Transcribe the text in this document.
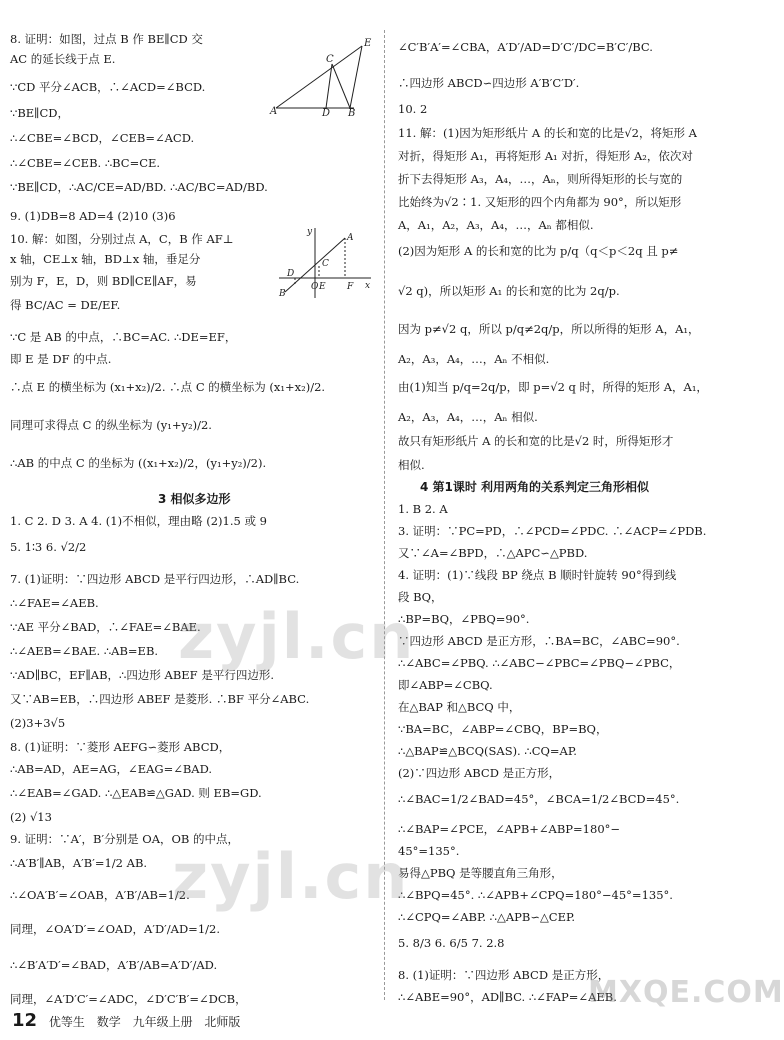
8. 证明：如图，过点 B 作 BE∥CD 交
AC 的延长线于点 E.
∵CD 平分∠ACB，∴∠ACD=∠BCD.
∵BE∥CD，
∴∠CBE=∠BCD，∠CEB=∠ACD.
∴∠CBE=∠CEB. ∴BC=CE.
∵BE∥CD，∴AC/CE=AD/BD. ∴AC/BC=AD/BD.
9. (1)DB=8 AD=4 (2)10 (3)6
10. 解：如图，分别过点 A，C，B 作 AF⊥
x 轴，CE⊥x 轴，BD⊥x 轴，垂足分
别为 F，E，D，则 BD∥CE∥AF，易
得 BC/AC = DE/EF.
∵C 是 AB 的中点，∴BC=AC. ∴DE=EF，
即 E 是 DF 的中点.
∴点 E 的横坐标为 (x₁+x₂)/2. ∴点 C 的横坐标为 (x₁+x₂)/2.
同理可求得点 C 的纵坐标为 (y₁+y₂)/2.
∴AB 的中点 C 的坐标为 ((x₁+x₂)/2，(y₁+y₂)/2).
3 相似多边形
1. C 2. D 3. A 4. (1)不相似，理由略 (2)1.5 或 9
5. 1∶3 6. √2/2
7. (1)证明：∵四边形 ABCD 是平行四边形，∴AD∥BC.
∴∠FAE=∠AEB.
∵AE 平分∠BAD，∴∠FAE=∠BAE.
∴∠AEB=∠BAE. ∴AB=EB.
∵AD∥BC，EF∥AB，∴四边形 ABEF 是平行四边形.
又∵AB=EB，∴四边形 ABEF 是菱形. ∴BF 平分∠ABC.
(2)3+3√5
8. (1)证明：∵菱形 AEFG∽菱形 ABCD，
∴AB=AD，AE=AG，∠EAG=∠BAD.
∴∠EAB=∠GAD. ∴△EAB≌△GAD. 则 EB=GD.
(2) √13
9. 证明：∵A′，B′分别是 OA，OB 的中点，
∴A′B′∥AB，A′B′=1/2 AB.
∴∠OA′B′=∠OAB，A′B′/AB=1/2.
同理，∠OA′D′=∠OAD，A′D′/AD=1/2.
∴∠B′A′D′=∠BAD，A′B′/AB=A′D′/AD.
同理，∠A′D′C′=∠ADC，∠D′C′B′=∠DCB，
∠C′B′A′=∠CBA，A′D′/AD=D′C′/DC=B′C′/BC.
∴四边形 ABCD∽四边形 A′B′C′D′.
10. 2
11. 解：(1)因为矩形纸片 A 的长和宽的比是√2，将矩形 A
对折，得矩形 A₁，再将矩形 A₁ 对折，得矩形 A₂，依次对
折下去得矩形 A₃，A₄，…，Aₙ，则所得矩形的长与宽的
比始终为√2∶1. 又矩形的四个内角都为 90°，所以矩形
A，A₁，A₂，A₃，A₄，…，Aₙ 都相似.
(2)因为矩形 A 的长和宽的比为 p/q（q＜p＜2q 且 p≠
√2 q)，所以矩形 A₁ 的长和宽的比为 2q/p.
因为 p≠√2 q，所以 p/q≠2q/p，所以所得的矩形 A，A₁，
A₂，A₃，A₄，…，Aₙ 不相似.
由(1)知当 p/q=2q/p，即 p=√2 q 时，所得的矩形 A，A₁，
A₂，A₃，A₄，…，Aₙ 相似.
故只有矩形纸片 A 的长和宽的比是√2 时，所得矩形才
相似.
4 第1课时 利用两角的关系判定三角形相似
1. B 2. A
3. 证明：∵PC=PD，∴∠PCD=∠PDC. ∴∠ACP=∠PDB.
又∵∠A=∠BPD，∴△APC∽△PBD.
4. 证明：(1)∵线段 BP 绕点 B 顺时针旋转 90°得到线
段 BQ，
∴BP=BQ，∠PBQ=90°.
∵四边形 ABCD 是正方形，∴BA=BC，∠ABC=90°.
∴∠ABC=∠PBQ. ∴∠ABC−∠PBC=∠PBQ−∠PBC，
即∠ABP=∠CBQ.
在△BAP 和△BCQ 中，
∵BA=BC，∠ABP=∠CBQ，BP=BQ，
∴△BAP≌△BCQ(SAS). ∴CQ=AP.
(2)∵四边形 ABCD 是正方形，
∴∠BAC=1/2∠BAD=45°，∠BCA=1/2∠BCD=45°.
∴∠BAP=∠PCE，∠APB+∠ABP=180°−
45°=135°.
易得△PBQ 是等腰直角三角形，
∴∠BPQ=45°. ∴∠APB+∠CPQ=180°−45°=135°.
∴∠CPQ=∠ABP. ∴△APB∽△CEP.
5. 8/3 6. 6/5 7. 2.8
8. (1)证明：∵四边形 ABCD 是正方形，
∴∠ABE=90°，AD∥BC. ∴∠FAP=∠AEB.
A	B
C
D
E
y
A
C
D
B
O E F x
zyjl.cn
zyjl.cn
MXQE.COM
12 优等生 数学 九年级上册 北师版
